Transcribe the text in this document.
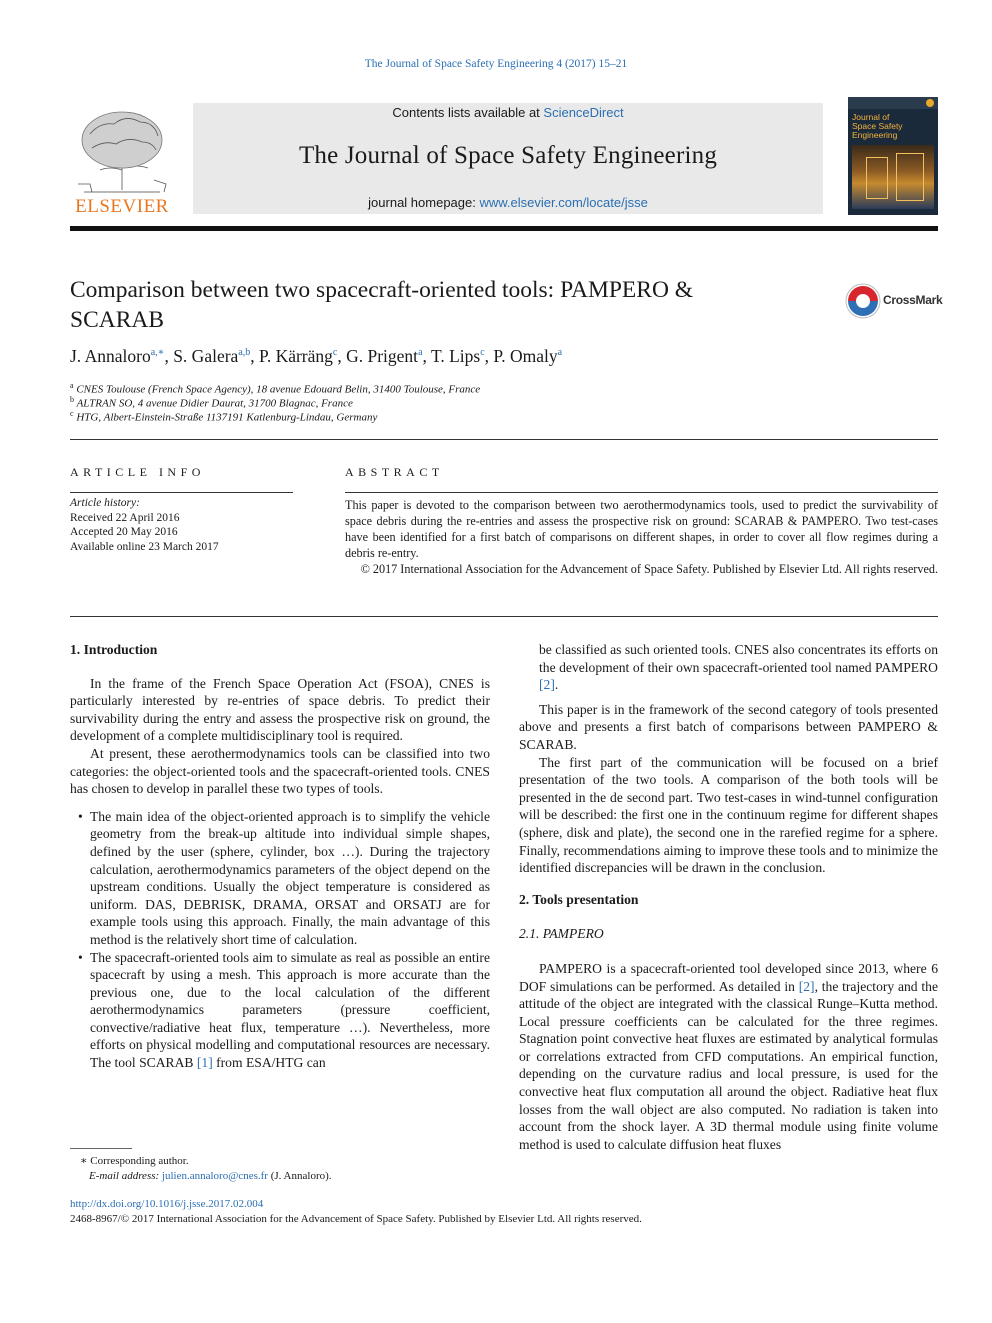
The Journal of Space Safety Engineering 4 (2017) 15–21
ELSEVIER
Contents lists available at ScienceDirect
The Journal of Space Safety Engineering
journal homepage: www.elsevier.com/locate/jsse
Journal of Space Safety Engineering
Comparison between two spacecraft-oriented tools: PAMPERO & SCARAB
CrossMark
J. Annaloro$^{a,∗}$, S. Galera$^{a,b}$, P. Kärräng$^c$, G. Prigent$^a$, T. Lips$^c$, P. Omaly$^a$
$^a$ CNES Toulouse (French Space Agency), 18 avenue Edouard Belin, 31400 Toulouse, France
$^b$ ALTRAN SO, 4 avenue Didier Daurat, 31700 Blagnac, France
$^c$ HTG, Albert-Einstein-Straße 1137191 Katlenburg-Lindau, Germany
ARTICLE INFO
Article history:
Received 22 April 2016
Accepted 20 May 2016
Available online 23 March 2017
ABSTRACT
This paper is devoted to the comparison between two aerothermodynamics tools, used to predict the survivability of space debris during the re-entries and assess the prospective risk on ground: SCARAB & PAMPERO. Two test-cases have been identified for a first batch of comparisons on different shapes, in order to cover all flow regimes during a debris re-entry.
© 2017 International Association for the Advancement of Space Safety. Published by Elsevier Ltd. All rights reserved.
1. Introduction

In the frame of the French Space Operation Act (FSOA), CNES is particularly interested by re-entries of space debris. To predict their survivability during the entry and assess the prospective risk on ground, the development of a complete multidisciplinary tool is required.

At present, these aerothermodynamics tools can be classified into two categories: the object-oriented tools and the spacecraft-oriented tools. CNES has chosen to develop in parallel these two types of tools.

• The main idea of the object-oriented approach is to simplify the vehicle geometry from the break-up altitude into individual simple shapes, defined by the user (sphere, cylinder, box …). During the trajectory calculation, aerothermodynamics parameters of the object depend on the upstream conditions. Usually the object temperature is considered as uniform. DAS, DEBRISK, DRAMA, ORSAT and ORSATJ are for example tools using this approach. Finally, the main advantage of this method is the relatively short time of calculation.

• The spacecraft-oriented tools aim to simulate as real as possible an entire spacecraft by using a mesh. This approach is more accurate than the previous one, due to the local calculation of the different aerothermodynamics parameters (pressure coefficient, convective/radiative heat flux, temperature …). Nevertheless, more efforts on physical modelling and computational resources are necessary. The tool SCARAB [1] from ESA/HTG can

∗ Corresponding author.
E-mail address: julien.annaloro@cnes.fr (J. Annaloro).
http://dx.doi.org/10.1016/j.jsse.2017.02.004
2468-8967/© 2017 International Association for the Advancement of Space Safety. Published by Elsevier Ltd. All rights reserved.

be classified as such oriented tools. CNES also concentrates its efforts on the development of their own spacecraft-oriented tool named PAMPERO [2].

This paper is in the framework of the second category of tools presented above and presents a first batch of comparisons between PAMPERO & SCARAB.

The first part of the communication will be focused on a brief presentation of the two tools. A comparison of the both tools will be presented in the de second part. Two test-cases in wind-tunnel configuration will be described: the first one in the continuum regime for different shapes (sphere, disk and plate), the second one in the rarefied regime for a sphere. Finally, recommendations aiming to improve these tools and to minimize the identified discrepancies will be drawn in the conclusion.

2. Tools presentation
2.1. PAMPERO

PAMPERO is a spacecraft-oriented tool developed since 2013, where 6 DOF simulations can be performed. As detailed in [2], the trajectory and the attitude of the object are integrated with the classical Runge–Kutta method. Local pressure coefficients can be calculated for the three regimes. Stagnation point convective heat fluxes are estimated by analytical formulas or correlations extracted from CFD computations. An empirical function, depending on the curvature radius and local pressure, is used for the convective heat flux computation all around the object. Radiative heat flux losses from the wall object are also computed. No radiation is taken into account from the shock layer. A 3D thermal module using finite volume method is used to calculate diffusion heat fluxes
